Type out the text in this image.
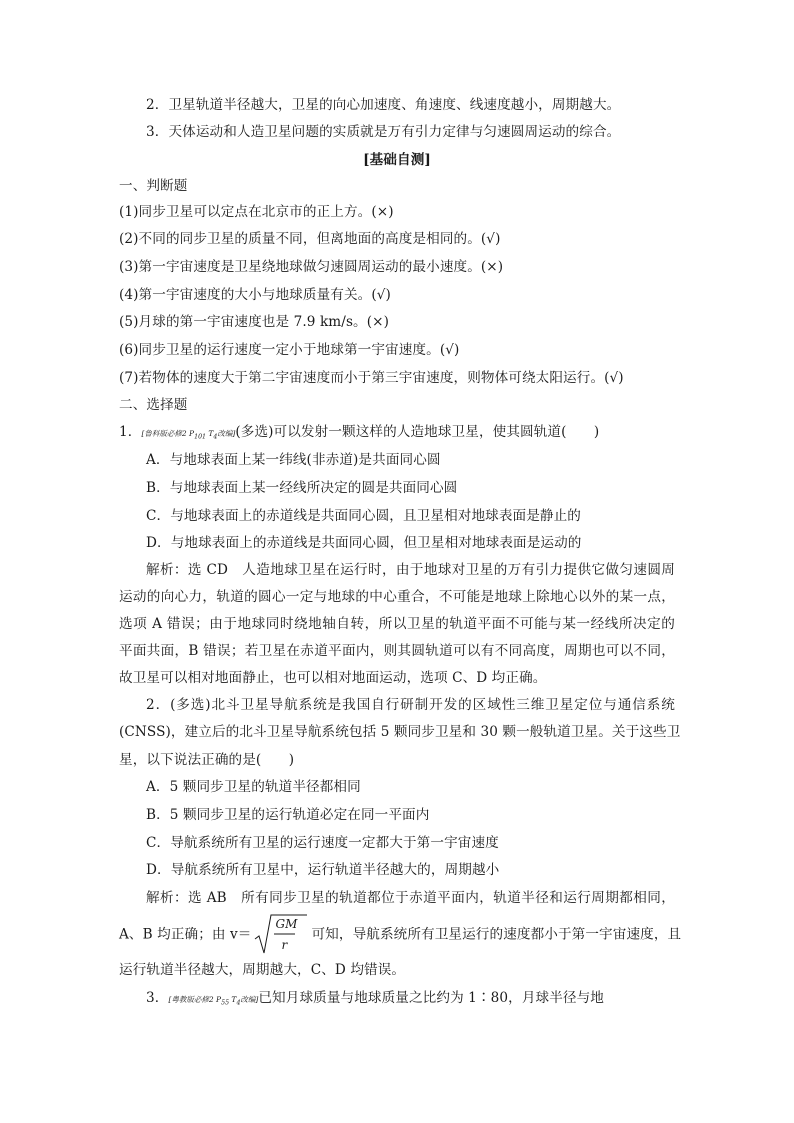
2．卫星轨道半径越大，卫星的向心加速度、角速度、线速度越小，周期越大。
3．天体运动和人造卫星问题的实质就是万有引力定律与匀速圆周运动的综合。
[基础自测]
一、判断题
(1)同步卫星可以定点在北京市的正上方。(×)
(2)不同的同步卫星的质量不同，但离地面的高度是相同的。(√)
(3)第一宇宙速度是卫星绕地球做匀速圆周运动的最小速度。(×)
(4)第一宇宙速度的大小与地球质量有关。(√)
(5)月球的第一宇宙速度也是 7.9 km/s。(×)
(6)同步卫星的运行速度一定小于地球第一宇宙速度。(√)
(7)若物体的速度大于第二宇宙速度而小于第三宇宙速度，则物体可绕太阳运行。(√)
二、选择题
1．[鲁科版必修2 $P_{101}$ $T_4$改编](多选)可以发射一颗这样的人造地球卫星，使其圆轨道(　　)
A．与地球表面上某一纬线(非赤道)是共面同心圆
B．与地球表面上某一经线所决定的圆是共面同心圆
C．与地球表面上的赤道线是共面同心圆，且卫星相对地球表面是静止的
D．与地球表面上的赤道线是共面同心圆，但卫星相对地球表面是运动的
解析：选 CD　人造地球卫星在运行时，由于地球对卫星的万有引力提供它做匀速圆周
运动的向心力，轨道的圆心一定与地球的中心重合，不可能是地球上除地心以外的某一点，
选项 A 错误；由于地球同时绕地轴自转，所以卫星的轨道平面不可能与某一经线所决定的
平面共面，B 错误；若卫星在赤道平面内，则其圆轨道可以有不同高度，周期也可以不同，
故卫星可以相对地面静止，也可以相对地面运动，选项 C、D 均正确。
2．(多选)北斗卫星导航系统是我国自行研制开发的区域性三维卫星定位与通信系统
(CNSS)，建立后的北斗卫星导航系统包括 5 颗同步卫星和 30 颗一般轨道卫星。关于这些卫
星，以下说法正确的是(　　)
A．5 颗同步卫星的轨道半径都相同
B．5 颗同步卫星的运行轨道必定在同一平面内
C．导航系统所有卫星的运行速度一定都大于第一宇宙速度
D．导航系统所有卫星中，运行轨道半径越大的，周期越小
解析：选 AB　所有同步卫星的轨道都位于赤道平面内，轨道半径和运行周期都相同，
A、B 均正确；由 v＝
GM
r
可知，导航系统所有卫星运行的速度都小于第一宇宙速度，且
运行轨道半径越大，周期越大，C、D 均错误。
3．[粤教版必修2 $P_{55}$ $T_4$改编]已知月球质量与地球质量之比约为 1∶80，月球半径与地
